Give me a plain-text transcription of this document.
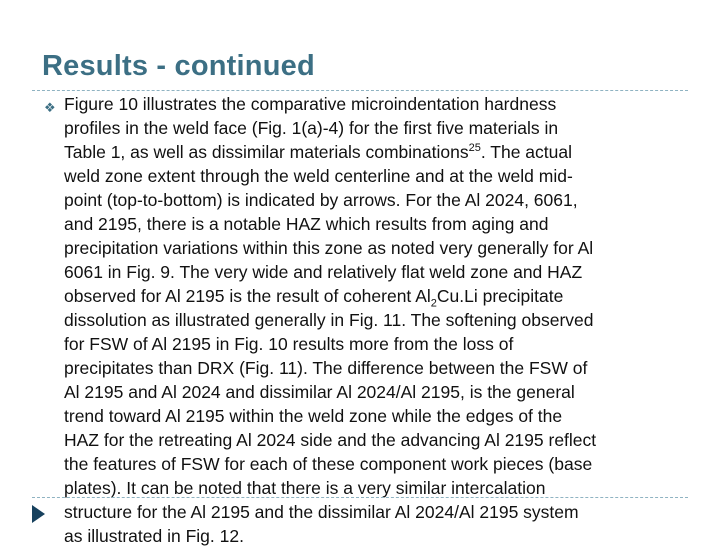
Results - continued
❖ Figure 10 illustrates the comparative microindentation hardness
profiles in the weld face (Fig. 1(a)-4) for the first five materials in
Table 1, as well as dissimilar materials combinations$^{25}$. The actual
weld zone extent through the weld centerline and at the weld mid-
point (top-to-bottom) is indicated by arrows. For the Al 2024, 6061,
and 2195, there is a notable HAZ which results from aging and
precipitation variations within this zone as noted very generally for Al
6061 in Fig. 9. The very wide and relatively flat weld zone and HAZ
observed for Al 2195 is the result of coherent $Al_2Cu.Li$ precipitate
dissolution as illustrated generally in Fig. 11. The softening observed
for FSW of Al 2195 in Fig. 10 results more from the loss of
precipitates than DRX (Fig. 11). The difference between the FSW of
Al 2195 and Al 2024 and dissimilar Al 2024/Al 2195, is the general
trend toward Al 2195 within the weld zone while the edges of the
HAZ for the retreating Al 2024 side and the advancing Al 2195 reflect
the features of FSW for each of these component work pieces (base
plates). It can be noted that there is a very similar intercalation
structure for the Al 2195 and the dissimilar Al 2024/Al 2195 system
as illustrated in Fig. 12.
